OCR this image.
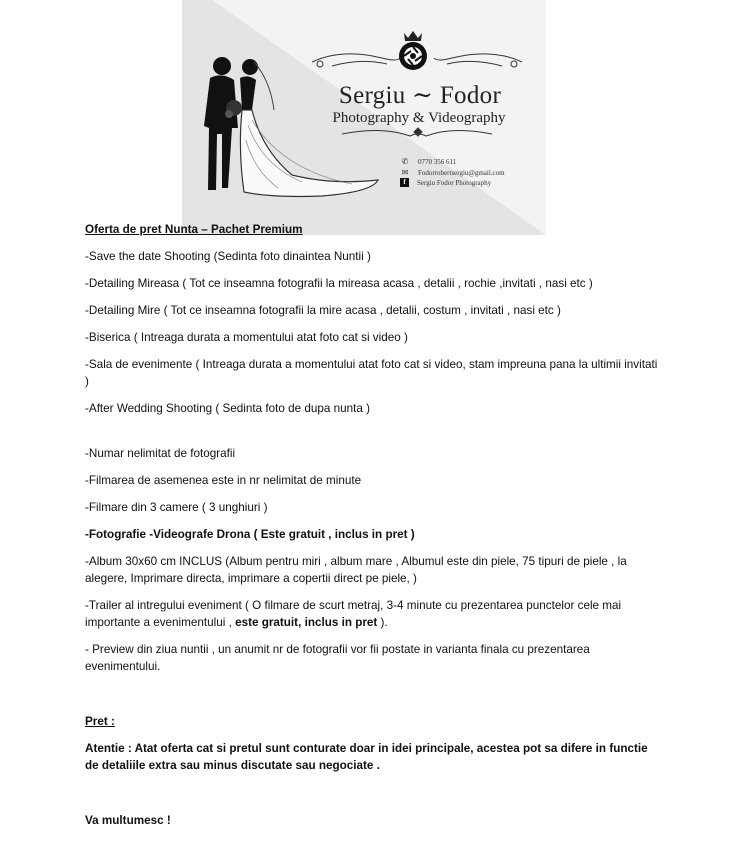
Sergiu ∼ Fodor
Photography & Videography
✆ 0770 356 611
✉ Fodorrobertsergiu@gmail.com
f	Sergiu Fodor Photography

Oferta de pret Nunta – Pachet Premium

-Save the date Shooting (Sedinta foto dinaintea Nuntii )

-Detailing Mireasa ( Tot ce inseamna fotografii la mireasa acasa , detalii , rochie ,invitati , nasi etc )

-Detailing Mire ( Tot ce inseamna fotografii la mire acasa , detalii, costum , invitati , nasi etc )

-Biserica ( Intreaga durata a momentului atat foto cat si video )

-Sala de evenimente ( Intreaga durata a momentului atat foto cat si video, stam impreuna pana la ultimii invitati )

-After Wedding Shooting ( Sedinta foto de dupa nunta )

-Numar nelimitat de fotografii

-Filmarea de asemenea este in nr nelimitat de minute

-Filmare din 3 camere ( 3 unghiuri )

-Fotografie -Videografe Drona ( Este gratuit , inclus in pret )

-Album 30x60 cm INCLUS (Album pentru miri , album mare , Albumul este din piele, 75 tipuri de piele , la alegere, Imprimare directa, imprimare a copertii direct pe piele, )

-Trailer al intregului eveniment ( O filmare de scurt metraj, 3-4 minute cu prezentarea punctelor cele mai importante a evenimentului , este gratuit, inclus in pret ).

- Preview din ziua nuntii , un anumit nr de fotografii vor fii postate in varianta finala cu prezentarea evenimentului.

Pret :

Atentie : Atat oferta cat si pretul sunt conturate doar in idei principale, acestea pot sa difere in functie de detaliile extra sau minus discutate sau negociate .

Va multumesc !
